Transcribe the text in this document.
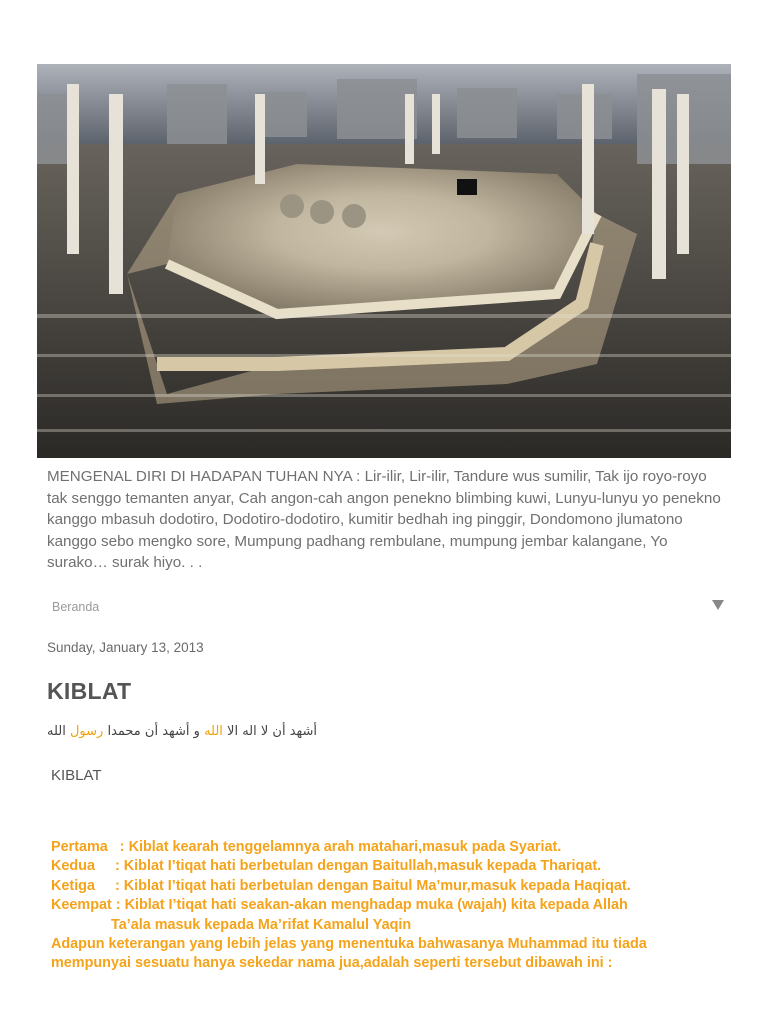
MENGENAL DIRI DI HADAPAN TUHAN NYA : Lir-ilir, Lir-ilir, Tandure wus sumilir, Tak ijo royo-royo tak senggo temanten anyar, Cah angon-cah angon penekno blimbing kuwi, Lunyu-lunyu yo penekno kanggo mbasuh dodotiro, Dodotiro-dodotiro, kumitir bedhah ing pinggir, Dondomono jlumatono kanggo sebo mengko sore, Mumpung padhang rembulane, mumpung jembar kalangane, Yo surako… surak hiyo. . .
Beranda
Sunday, January 13, 2013
KIBLAT
أشهد أن لا اله الا الله و أشهد أن محمدا رسول الله
KIBLAT
Pertama   : Kiblat kearah tenggelamnya arah matahari,masuk pada Syariat.
Kedua     : Kiblat I’tiqat hati berbetulan dengan Baitullah,masuk kepada Thariqat.
Ketiga     : Kiblat I’tiqat hati berbetulan dengan Baitul Ma’mur,masuk kepada Haqiqat.
Keempat : Kiblat I’tiqat hati seakan-akan menghadap muka (wajah) kita kepada Allah
Ta’ala masuk kepada Ma’rifat Kamalul Yaqin
Adapun keterangan yang lebih jelas yang menentuka bahwasanya Muhammad itu tiada mempunyai sesuatu hanya sekedar nama jua,adalah seperti tersebut dibawah ini :
